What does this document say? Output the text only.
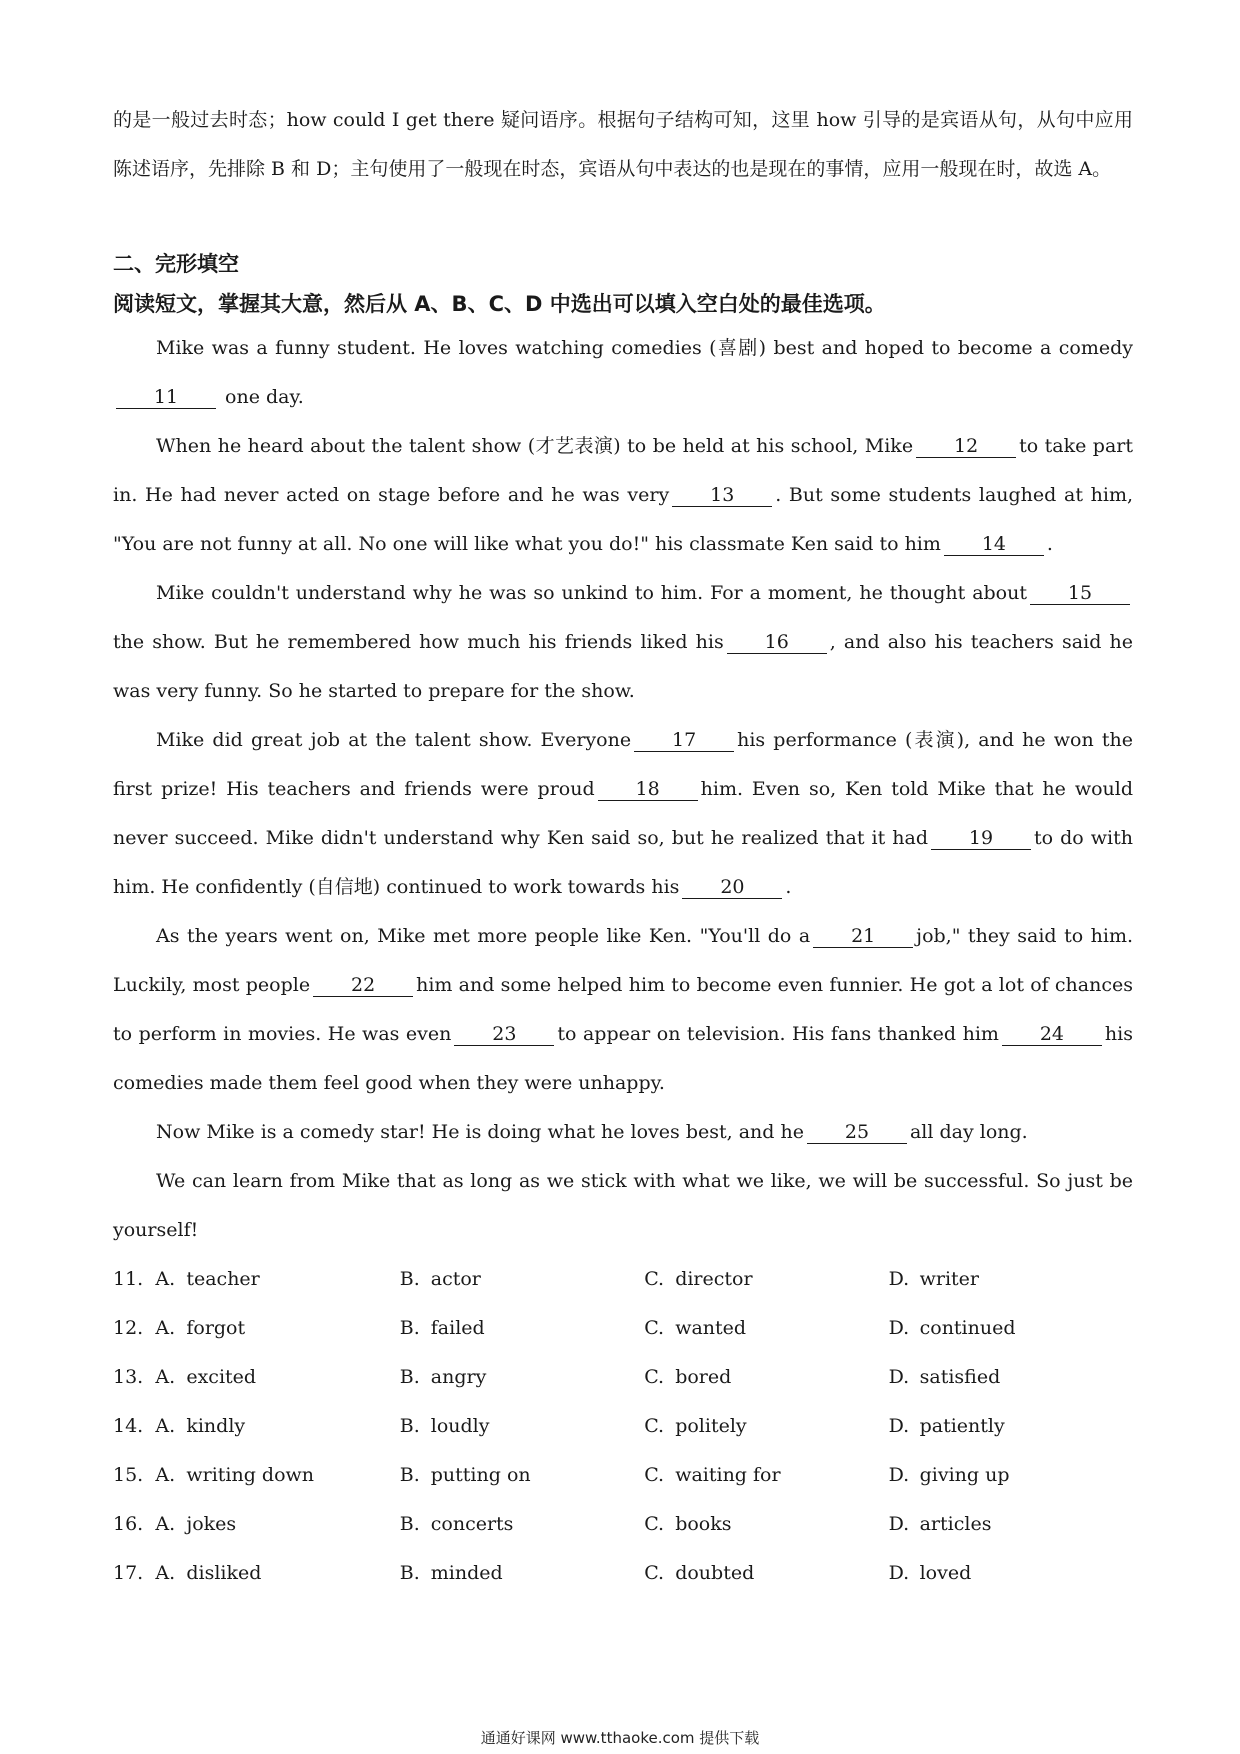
的是一般过去时态；how could I get there 疑问语序。根据句子结构可知，这里 how 引导的是宾语从句，从句中应用陈述语序，先排除 B 和 D；主句使用了一般现在时态，宾语从句中表达的也是现在的事情，应用一般现在时，故选 A。

二、完形填空

阅读短文，掌握其大意，然后从 A、B、C、D 中选出可以填入空白处的最佳选项。

Mike was a funny student. He loves watching comedies (喜剧) best and hoped to become a comedy11 one day.

When he heard about the talent show (才艺表演) to be held at his school, Mike 12 to take part in. He had never acted on stage before and he was very 13 . But some students laughed at him, "You are not funny at all. No one will like what you do!" his classmate Ken said to him 14 .

Mike couldn't understand why he was so unkind to him. For a moment, he thought about 15the show. But he remembered how much his friends liked his 16 , and also his teachers said he was very funny. So he started to prepare for the show.

Mike did great job at the talent show. Everyone 17 his performance (表演), and he won the first prize! His teachers and friends were proud 18 him. Even so, Ken told Mike that he would never succeed. Mike didn't understand why Ken said so, but he realized that it had 19 to do with him. He confidently (自信地) continued to work towards his 20 .

As the years went on, Mike met more people like Ken. "You'll do a 21 job," they said to him. Luckily, most people 22 him and some helped him to become even funnier. He got a lot of chances to perform in movies. He was even 23 to appear on television. His fans thanked him 24 his comedies made them feel good when they were unhappy.

Now Mike is a comedy star! He is doing what he loves best, and he 25 all day long.

We can learn from Mike that as long as we stick with what we like, we will be successful. So just be yourself!

11. A. teacher	B. actor	C. director	D. writer
12. A. forgot	B. failed	C. wanted	D. continued
13. A. excited	B. angry	C. bored	D. satisfied
14. A. kindly	B. loudly	C. politely	D. patiently
15. A. writing down	B. putting on	C. waiting for	D. giving up
16. A. jokes	B. concerts	C. books	D. articles
17. A. disliked	B. minded	C. doubted	D. loved
通通好课网 www.tthaoke.com 提供下载
